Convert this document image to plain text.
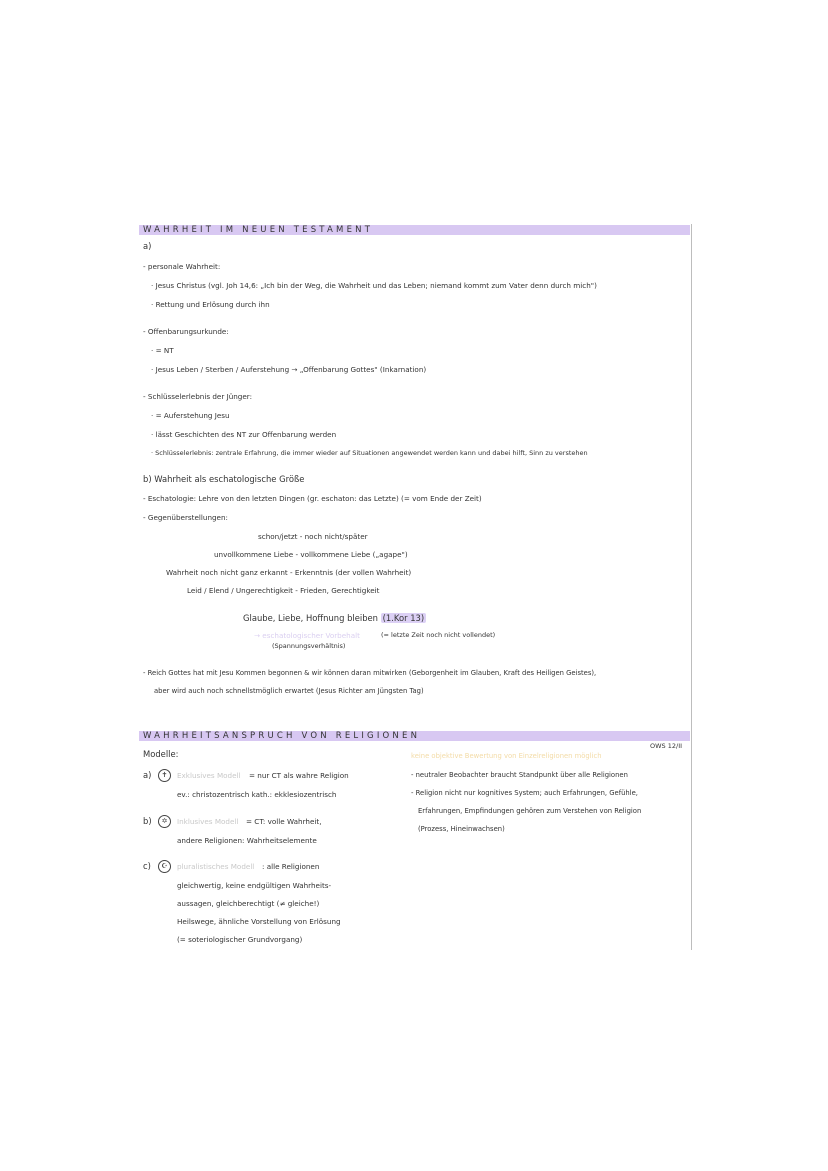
WAHRHEIT IM NEUEN TESTAMENT
a)
- personale Wahrheit:
· Jesus Christus (vgl. Joh 14,6: „Ich bin der Weg, die Wahrheit und das Leben; niemand kommt zum Vater denn durch mich")
· Rettung und Erlösung durch ihn
- Offenbarungsurkunde:
· = NT
· Jesus Leben / Sterben / Auferstehung → „Offenbarung Gottes" (Inkarnation)
- Schlüsselerlebnis der Jünger:
· = Auferstehung Jesu
· lässt Geschichten des NT zur Offenbarung werden
· Schlüsselerlebnis: zentrale Erfahrung, die immer wieder auf Situationen angewendet werden kann und dabei hilft, Sinn zu verstehen
b) Wahrheit als eschatologische Größe
- Eschatologie: Lehre von den letzten Dingen (gr. eschaton: das Letzte) (= vom Ende der Zeit)
- Gegenüberstellungen:
schon/jetzt - noch nicht/später
unvollkommene Liebe - vollkommene Liebe („agape")
Wahrheit noch nicht ganz erkannt - Erkenntnis (der vollen Wahrheit)
Leid / Elend / Ungerechtigkeit - Frieden, Gerechtigkeit
Glaube, Liebe, Hoffnung bleiben (1.Kor 13)
→ eschatologischer Vorbehalt	(= letzte Zeit noch nicht vollendet)
(Spannungsverhältnis)
- Reich Gottes hat mit Jesu Kommen begonnen & wir können daran mitwirken (Geborgenheit im Glauben, Kraft des Heiligen Geistes),
aber wird auch noch schnellstmöglich erwartet (Jesus Richter am Jüngsten Tag)
WAHRHEITSANSPRUCH VON RELIGIONEN
OWS 12/II
Modelle:
a)	✝	Exklusives Modell = nur CT als wahre Religion
ev.: christozentrisch kath.: ekklesiozentrisch
b)	✡	Inklusives Modell = CT: volle Wahrheit,
andere Religionen: Wahrheitselemente
c)	☪	pluralistisches Modell : alle Religionen
gleichwertig, keine endgültigen Wahrheits-
aussagen, gleichberechtigt (≠ gleiche!)
Heilswege, ähnliche Vorstellung von Erlösung
(= soteriologischer Grundvorgang)
keine objektive Bewertung von Einzelreligionen möglich
- neutraler Beobachter braucht Standpunkt über alle Religionen
- Religion nicht nur kognitives System; auch Erfahrungen, Gefühle,
Erfahrungen, Empfindungen gehören zum Verstehen von Religion
(Prozess, Hineinwachsen)
